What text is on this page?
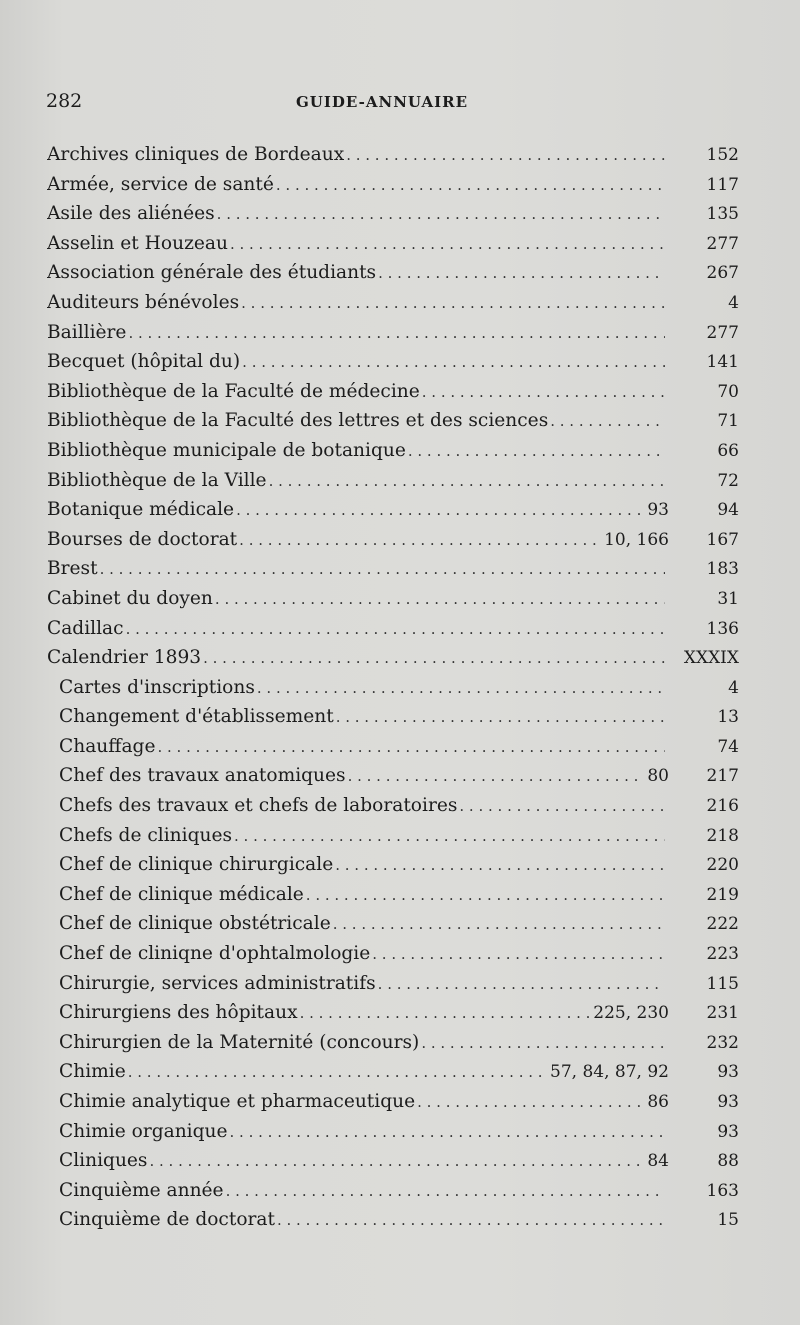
282	GUIDE-ANNUAIRE
Archives cliniques de Bordeaux . . .	152
Armée, service de santé . . .	117
Asile des aliénées . . .	135
Asselin et Houzeau . . .	277
Association générale des étudiants . . .	267
Auditeurs bénévoles . . .	4
Baillière . . .	277
Becquet (hôpital du) . . .	141
Bibliothèque de la Faculté de médecine . . .	70
Bibliothèque de la Faculté des lettres et des sciences . . .	71
Bibliothèque municipale de botanique . . .	66
Bibliothèque de la Ville . . .	72
Botanique médicale . . .	93	94
Bourses de doctorat . . .	10, 166	167
Brest . . .	183
Cabinet du doyen . . .	31
Cadillac . . .	136
Calendrier 1893 . . .	XXXIX
Cartes d'inscriptions . . .	4
Changement d'établissement . . .	13
Chauffage . . .	74
Chef des travaux anatomiques . . .	80	217
Chefs des travaux et chefs de laboratoires . . .	216
Chefs de cliniques . . .	218
Chef de clinique chirurgicale . . .	220
Chef de clinique médicale . . .	219
Chef de clinique obstétricale . . .	222
Chef de cliniqne d'ophtalmologie . . .	223
Chirurgie, services administratifs . . .	115
Chirurgiens des hôpitaux . . .	225, 230	231
Chirurgien de la Maternité (concours) . . .	232
Chimie . . .	57, 84, 87, 92	93
Chimie analytique et pharmaceutique . . .	86	93
Chimie organique . . .	93
Cliniques . . .	84	88
Cinquième année . . .	163
Cinquième de doctorat . . .	15
